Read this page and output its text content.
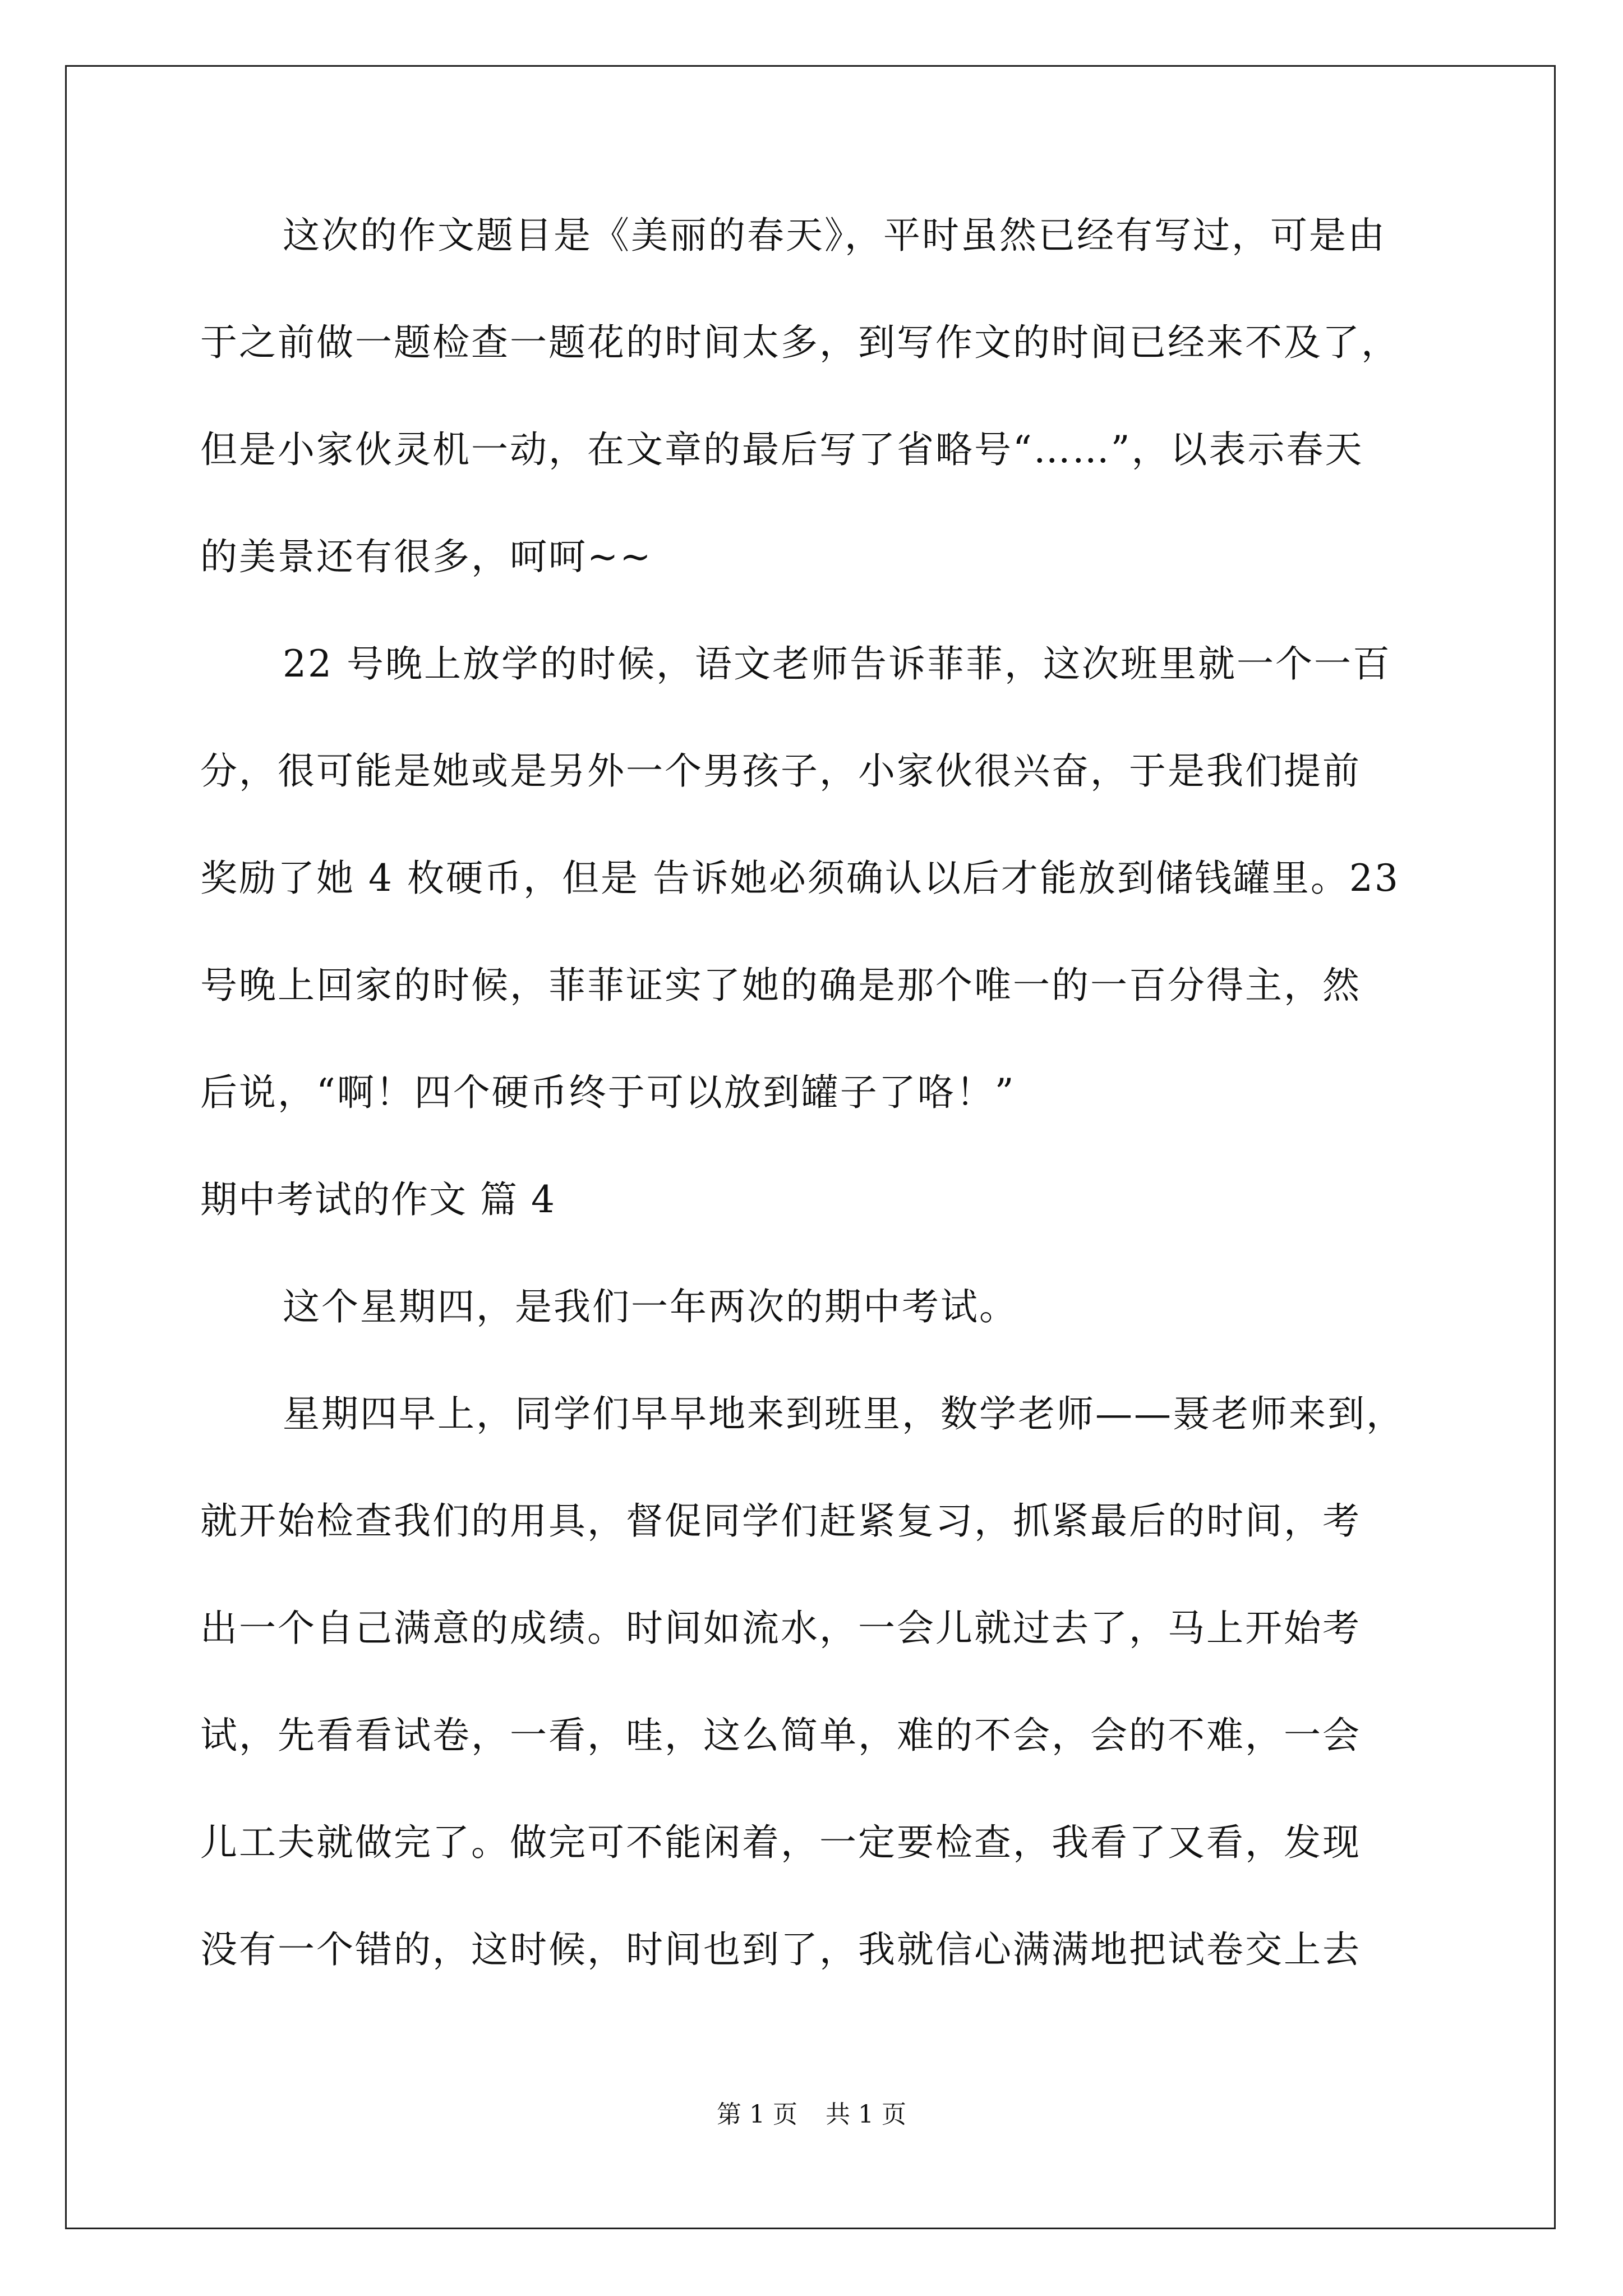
这次的作文题目是《美丽的春天》，平时虽然已经有写过，可是由
于之前做一题检查一题花的时间太多，到写作文的时间已经来不及了，
但是小家伙灵机一动，在文章的最后写了省略号“……”，以表示春天
的美景还有很多，呵呵~~
22 号晚上放学的时候，语文老师告诉菲菲，这次班里就一个一百
分，很可能是她或是另外一个男孩子，小家伙很兴奋，于是我们提前
奖励了她 4 枚硬币，但是 告诉她必须确认以后才能放到储钱罐里。23
号晚上回家的时候，菲菲证实了她的确是那个唯一的一百分得主，然
后说，“啊！四个硬币终于可以放到罐子了咯！”
期中考试的作文 篇 4
这个星期四，是我们一年两次的期中考试。
星期四早上，同学们早早地来到班里，数学老师——聂老师来到，
就开始检查我们的用具，督促同学们赶紧复习，抓紧最后的时间，考
出一个自己满意的成绩。时间如流水，一会儿就过去了，马上开始考
试，先看看试卷，一看，哇，这么简单，难的不会，会的不难，一会
儿工夫就做完了。做完可不能闲着，一定要检查，我看了又看，发现
没有一个错的，这时候，时间也到了，我就信心满满地把试卷交上去
第 1 页 共 1 页
